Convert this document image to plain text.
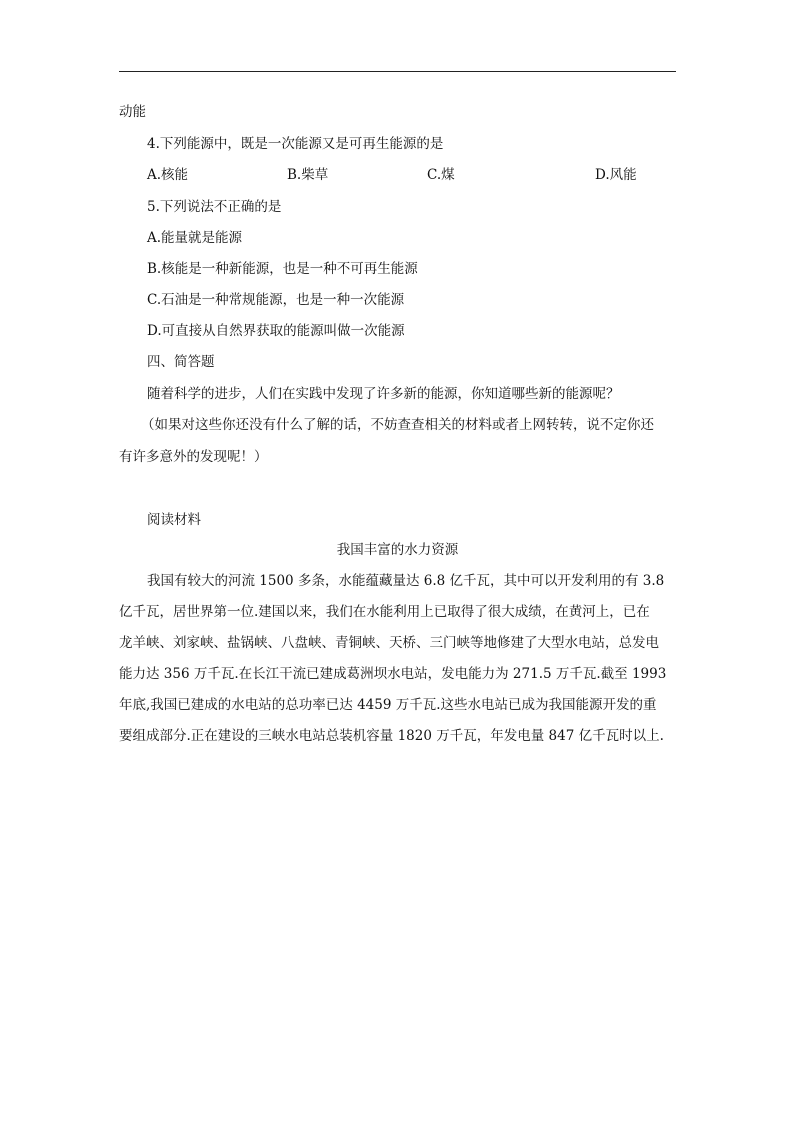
动能
4.下列能源中，既是一次能源又是可再生能源的是
A.核能	B.柴草	C.煤	D.风能
5.下列说法不正确的是
A.能量就是能源
B.核能是一种新能源，也是一种不可再生能源
C.石油是一种常规能源，也是一种一次能源
D.可直接从自然界获取的能源叫做一次能源
四、简答题
随着科学的进步，人们在实践中发现了许多新的能源，你知道哪些新的能源呢？
（如果对这些你还没有什么了解的话，不妨查查相关的材料或者上网转转，说不定你还
有许多意外的发现呢！）
阅读材料
我国丰富的水力资源
我国有较大的河流 1500 多条，水能蕴藏量达 6.8 亿千瓦，其中可以开发利用的有 3.8
亿千瓦，居世界第一位.建国以来，我们在水能利用上已取得了很大成绩，在黄河上，已在
龙羊峡、刘家峡、盐锅峡、八盘峡、青铜峡、天桥、三门峡等地修建了大型水电站，总发电
能力达 356 万千瓦.在长江干流已建成葛洲坝水电站，发电能力为 271.5 万千瓦.截至 1993
年底,我国已建成的水电站的总功率已达 4459 万千瓦.这些水电站已成为我国能源开发的重
要组成部分.正在建设的三峡水电站总装机容量 1820 万千瓦，年发电量 847 亿千瓦时以上.
